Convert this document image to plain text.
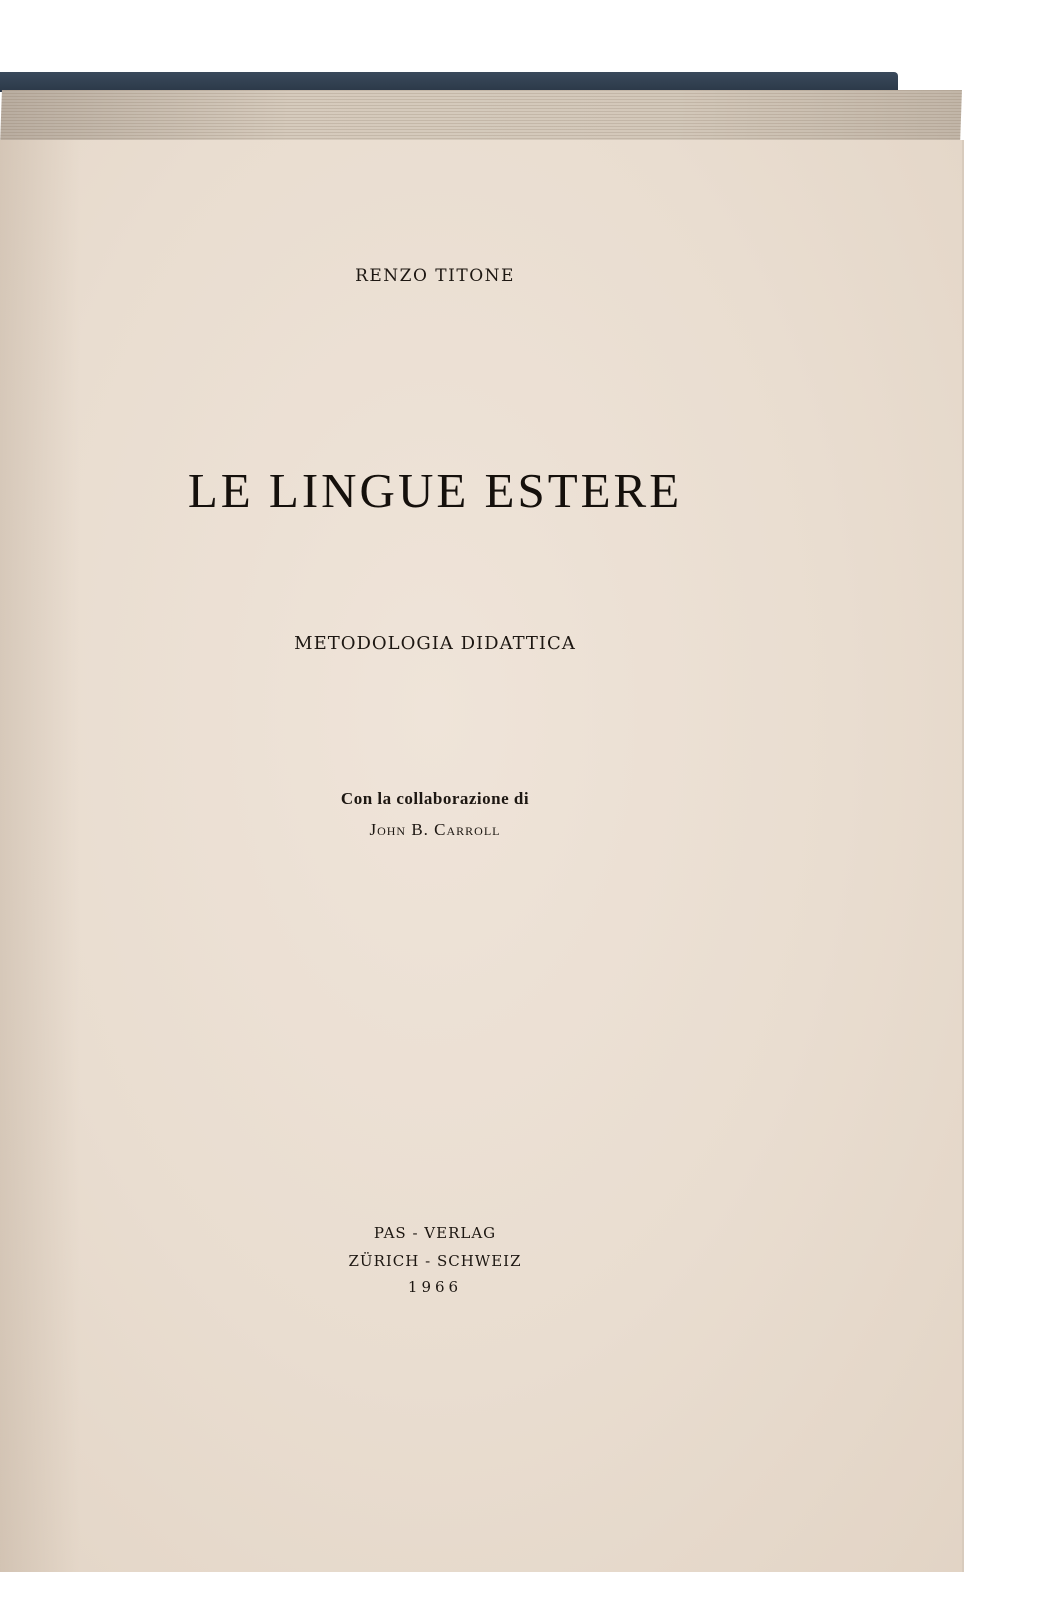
RENZO TITONE
LE LINGUE ESTERE
METODOLOGIA DIDATTICA
Con la collaborazione di
John B. Carroll
PAS - VERLAG
ZÜRICH - SCHWEIZ
1966
